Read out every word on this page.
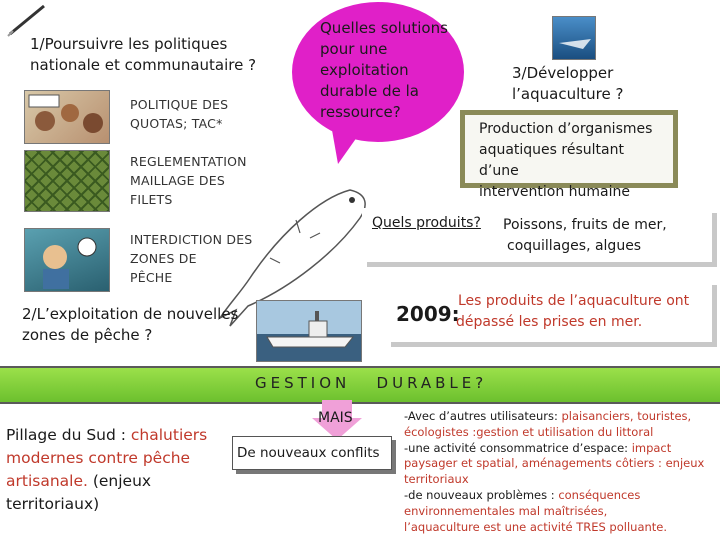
1/Poursuivre les politiques
nationale et communautaire ?
POLITIQUE DES
QUOTAS; TAC*
REGLEMENTATION
MAILLAGE DES
FILETS
INTERDICTION DES
ZONES DE
PÊCHE
2/L’exploitation de nouvelles
zones de pêche ?
Quelles solutions
pour une
exploitation
durable de la
ressource?
3/Développer
l’aquaculture ?
Production d’organismes
aquatiques résultant d’une
intervention humaine
Quels produits? Poissons, fruits de mer,
coquillages, algues
2009:
Les produits de l’aquaculture ont
dépassé les prises en mer.
GESTION   DURABLE?
MAIS
De nouveaux conflits
Pillage du Sud : chalutiers
modernes contre pêche
artisanale. (enjeux
territoriaux)
-Avec d’autres utilisateurs: plaisanciers, touristes,
écologistes :gestion et utilisation du littoral
-une activité consommatrice d’espace: impact
paysager et spatial, aménagements côtiers : enjeux
territoriaux
-de nouveaux problèmes : conséquences
environnementales mal maîtrisées,
l’aquaculture est une activité TRES polluante.
